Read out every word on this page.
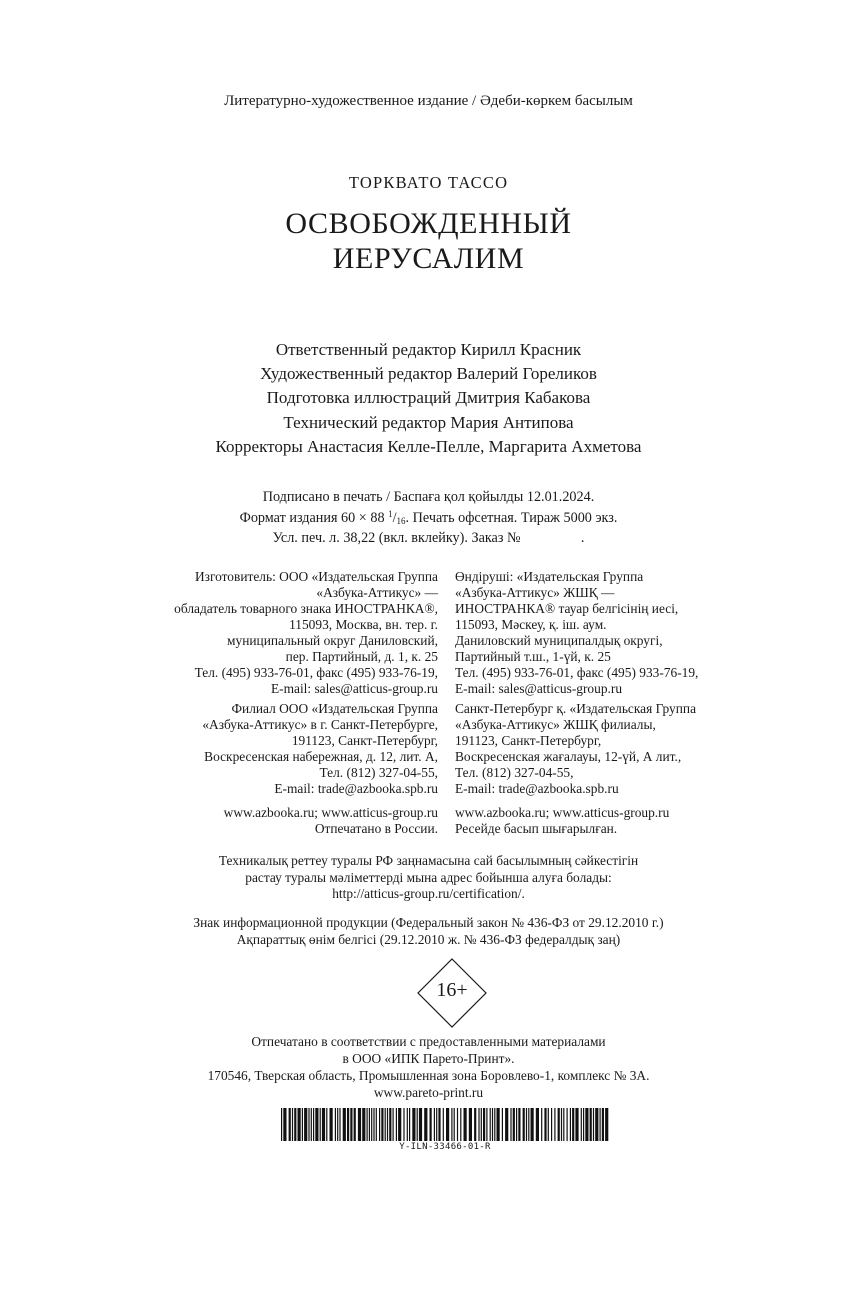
Литературно-художественное издание / Әдеби-көркем басылым
ТОРКВАТО ТАССО
ОСВОБОЖДЕННЫЙ
ИЕРУСАЛИМ
Ответственный редактор Кирилл Красник
Художественный редактор Валерий Гореликов
Подготовка иллюстраций Дмитрия Кабакова
Технический редактор Мария Антипова
Корректоры Анастасия Келле-Пелле, Маргарита Ахметова
Подписано в печать / Баспаға қол қойылды 12.01.2024.
Формат издания 60 × 88 $^1/_{16}$. Печать офсетная. Тираж 5000 экз.
Усл. печ. л. 38,22 (вкл. вклейку). Заказ №                 .
Изготовитель: ООО «Издательская Группа
«Азбука-Аттикус» —
обладатель товарного знака ИНОСТРАНКА®,
115093, Москва, вн. тер. г.
муниципальный округ Даниловский,
пер. Партийный, д. 1, к. 25
Тел. (495) 933-76-01, факс (495) 933-76-19,
E-mail: sales@atticus-group.ru
Филиал ООО «Издательская Группа
«Азбука-Аттикус» в г. Санкт-Петербурге,
191123, Санкт-Петербург,
Воскресенская набережная, д. 12, лит. А,
Тел. (812) 327-04-55,
E-mail: trade@azbooka.spb.ru
www.azbooka.ru; www.atticus-group.ru
Отпечатано в России.
Өндіруші: «Издательская Группа
«Азбука-Аттикус» ЖШҚ —
ИНОСТРАНКА® тауар белгісінің иесі,
115093, Мәскеу, қ. іш. аум.
Даниловский муниципалдық округі,
Партийный т.ш., 1-үй, к. 25
Тел. (495) 933-76-01, факс (495) 933-76-19,
E-mail: sales@atticus-group.ru
Санкт-Петербург қ. «Издательская Группа
«Азбука-Аттикус» ЖШҚ филиалы,
191123, Санкт-Петербург,
Воскресенская жағалауы, 12-үй, А лит.,
Тел. (812) 327-04-55,
E-mail: trade@azbooka.spb.ru
www.azbooka.ru; www.atticus-group.ru
Ресейде басып шығарылған.
Техникалық реттеу туралы РФ заңнамасына сай басылымның сәйкестігін
растау туралы мәліметтерді мына адрес бойынша алуға болады:
http://atticus-group.ru/certification/.
Знак информационной продукции (Федеральный закон № 436-ФЗ от 29.12.2010 г.)
Ақпараттық өнім белгісі (29.12.2010 ж. № 436-ФЗ федералдық заң)
16+
Отпечатано в соответствии с предоставленными материалами
в ООО «ИПК Парето-Принт».
170546, Тверская область, Промышленная зона Боровлево-1, комплекс № 3А.
www.pareto-print.ru
Y-ILN-33466-01-R
